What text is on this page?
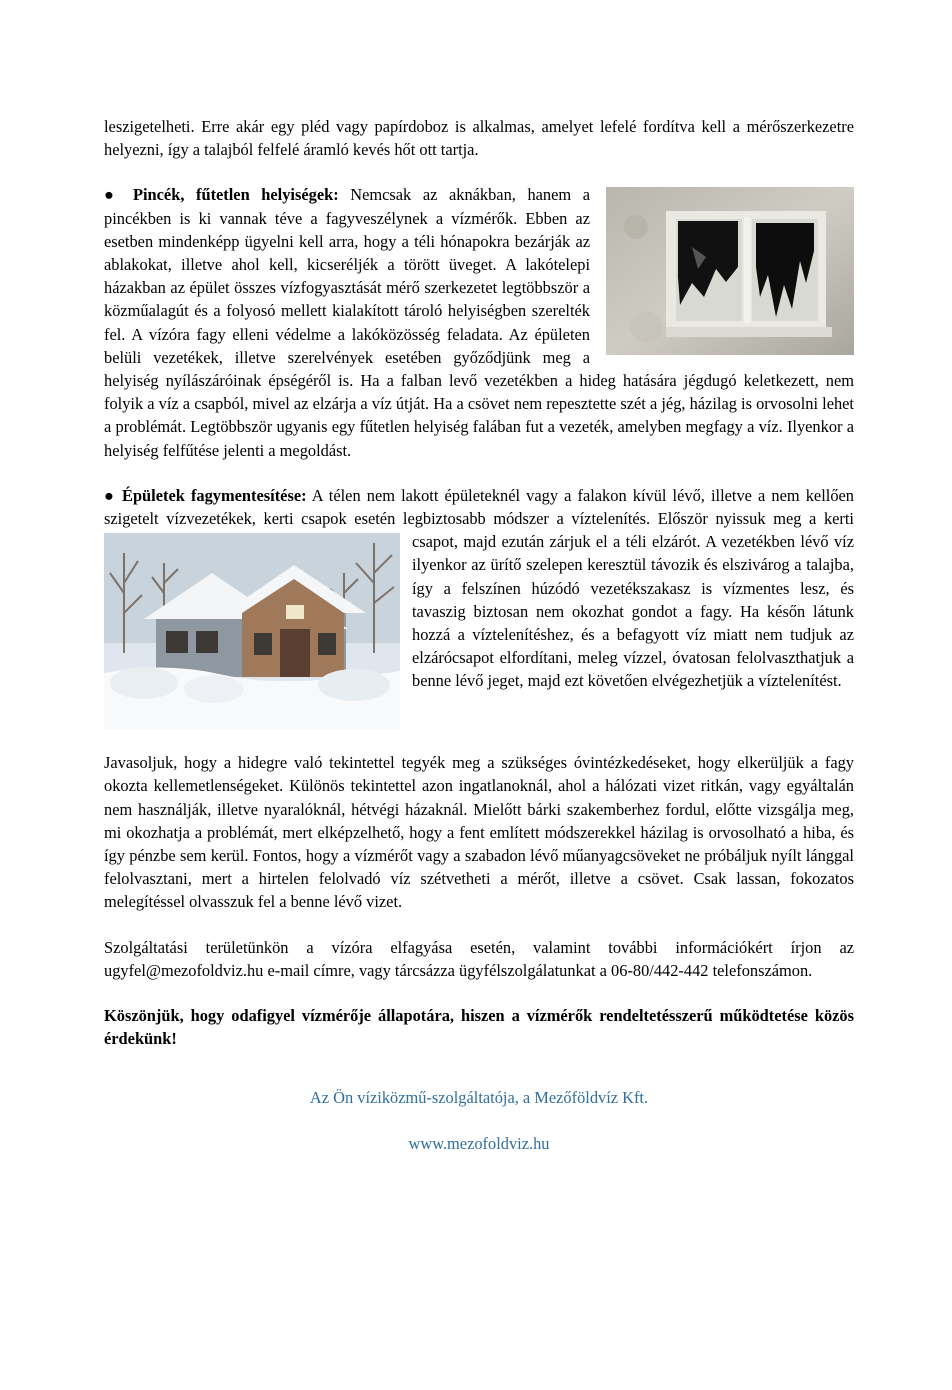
leszigetelheti. Erre akár egy pléd vagy papírdoboz is alkalmas, amelyet lefelé fordítva kell a mérőszerkezetre helyezni, így a talajból felfelé áramló kevés hőt ott tartja.

● Pincék, fűtetlen helyiségek: Nemcsak az aknákban, hanem a pincékben is ki vannak téve a fagyveszélynek a vízmérők. Ebben az esetben mindenképp ügyelni kell arra, hogy a téli hónapokra bezárják az ablakokat, illetve ahol kell, kicseréljék a törött üveget. A lakótelepi házakban az épület összes vízfogyasztását mérő szerkezetet legtöbbször a közműalagút és a folyosó mellett kialakított tároló helyiségben szerelték fel. A vízóra fagy elleni védelme a lakóközösség feladata. Az épületen belüli vezetékek, illetve szerelvények esetében győződjünk meg a helyiség nyílászáróinak épségéről is. Ha a falban levő vezetékben a hideg hatására jégdugó keletkezett, nem folyik a víz a csapból, mivel az elzárja a víz útját. Ha a csövet nem repesztette szét a jég, házilag is orvosolni lehet a problémát. Legtöbbször ugyanis egy fűtetlen helyiség falában fut a vezeték, amelyben megfagy a víz. Ilyenkor a helyiség felfűtése jelenti a megoldást.

● Épületek fagymentesítése: A télen nem lakott épületeknél vagy a falakon kívül lévő, illetve a nem kellően szigetelt vízvezetékek, kerti csapok esetén legbiztosabb módszer a víztelenítés.
Először nyissuk meg a kerti csapot, majd ezután zárjuk el a téli elzárót. A vezetékben lévő víz ilyenkor az ürítő szelepen keresztül távozik és elszivárog a talajba, így a felszínen húzódó vezetékszakasz is vízmentes lesz, és tavaszig biztosan nem okozhat gondot a fagy. Ha későn látunk hozzá a víztelenítéshez, és a befagyott víz miatt nem tudjuk az elzárócsapot elfordítani, meleg vízzel, óvatosan felolvaszthatjuk a benne lévő jeget, majd ezt követően elvégezhetjük a víztelenítést.

Javasoljuk, hogy a hidegre való tekintettel tegyék meg a szükséges óvintézkedéseket, hogy elkerüljük a fagy okozta kellemetlenségeket. Különös tekintettel azon ingatlanoknál, ahol a hálózati vizet ritkán, vagy egyáltalán nem használják, illetve nyaralóknál, hétvégi házaknál. Mielőtt bárki szakemberhez fordul, előtte vizsgálja meg, mi okozhatja a problémát, mert elképzelhető, hogy a fent említett módszerekkel házilag is orvosolható a hiba, és így pénzbe sem kerül. Fontos, hogy a vízmérőt vagy a szabadon lévő műanyagcsöveket ne próbáljuk nyílt lánggal felolvasztani, mert a hirtelen felolvadó víz szétvetheti a mérőt, illetve a csövet. Csak lassan, fokozatos melegítéssel olvasszuk fel a benne lévő vizet.

Szolgáltatási területünkön a vízóra elfagyása esetén, valamint további információkért írjon az ugyfel@mezofoldviz.hu e-mail címre, vagy tárcsázza ügyfélszolgálatunkat a 06-80/442-442 telefonszámon.

Köszönjük, hogy odafigyel vízmérője állapotára, hiszen a vízmérők rendeltetésszerű működtetése közös érdekünk!

Az Ön víziközmű-szolgáltatója, a Mezőföldvíz Kft.

www.mezofoldviz.hu
